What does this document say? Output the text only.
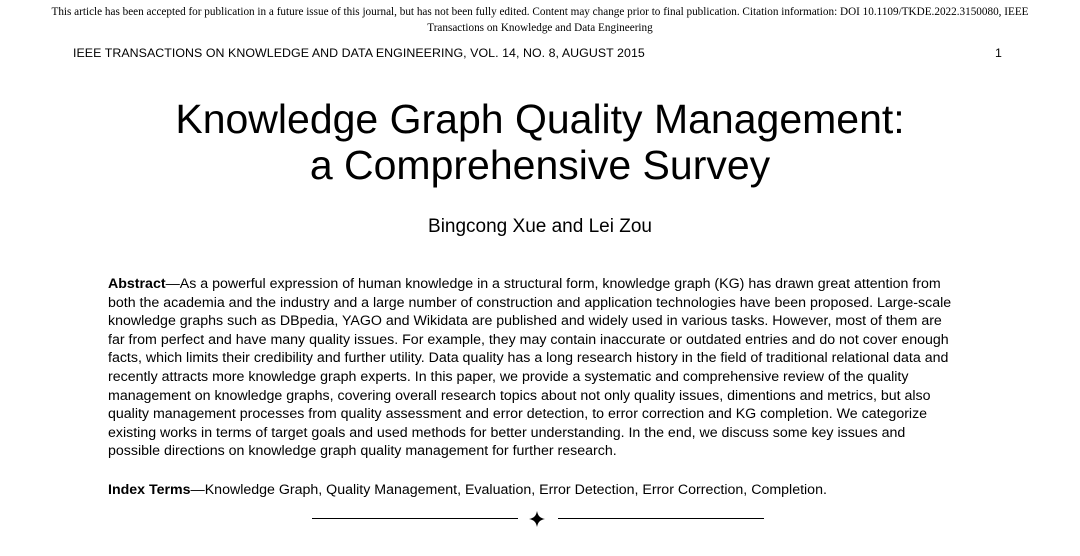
This article has been accepted for publication in a future issue of this journal, but has not been fully edited. Content may change prior to final publication. Citation information: DOI 10.1109/TKDE.2022.3150080, IEEE
Transactions on Knowledge and Data Engineering
IEEE TRANSACTIONS ON KNOWLEDGE AND DATA ENGINEERING, VOL. 14, NO. 8, AUGUST 2015	1
Knowledge Graph Quality Management:
a Comprehensive Survey
Bingcong Xue and Lei Zou

Abstract—As a powerful expression of human knowledge in a structural form, knowledge graph (KG) has drawn great attention from
both the academia and the industry and a large number of construction and application technologies have been proposed. Large-scale
knowledge graphs such as DBpedia, YAGO and Wikidata are published and widely used in various tasks. However, most of them are
far from perfect and have many quality issues. For example, they may contain inaccurate or outdated entries and do not cover enough
facts, which limits their credibility and further utility. Data quality has a long research history in the field of traditional relational data and
recently attracts more knowledge graph experts. In this paper, we provide a systematic and comprehensive review of the quality
management on knowledge graphs, covering overall research topics about not only quality issues, dimentions and metrics, but also
quality management processes from quality assessment and error detection, to error correction and KG completion. We categorize
existing works in terms of target goals and used methods for better understanding. In the end, we discuss some key issues and
possible directions on knowledge graph quality management for further research.

Index Terms—Knowledge Graph, Quality Management, Evaluation, Error Detection, Error Correction, Completion.
